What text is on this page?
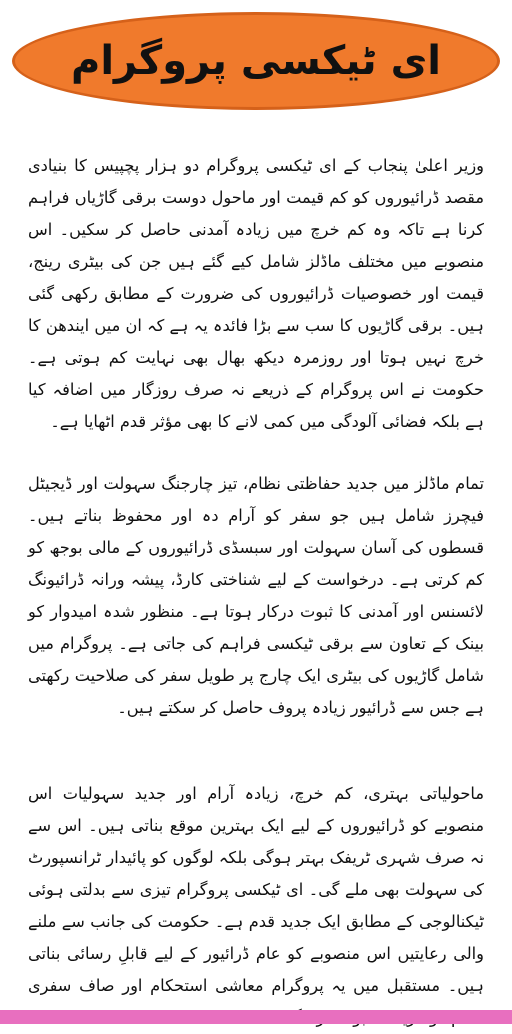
ای ٹیکسی پروگرام

وزیر اعلیٰ پنجاب کے ای ٹیکسی پروگرام دو ہزار پچپیس کا بنیادی مقصد ڈرائیوروں کو کم قیمت اور ماحول دوست برقی گاڑیاں فراہم کرنا ہے تاکہ وہ کم خرچ میں زیادہ آمدنی حاصل کر سکیں۔ اس منصوبے میں مختلف ماڈلز شامل کیے گئے ہیں جن کی بیٹری رینج، قیمت اور خصوصیات ڈرائیوروں کی ضرورت کے مطابق رکھی گئی ہیں۔ برقی گاڑیوں کا سب سے بڑا فائدہ یہ ہے کہ ان میں ایندھن کا خرچ نہیں ہوتا اور روزمرہ دیکھ بھال بھی نہایت کم ہوتی ہے۔ حکومت نے اس پروگرام کے ذریعے نہ صرف روزگار میں اضافہ کیا ہے بلکہ فضائی آلودگی میں کمی لانے کا بھی مؤثر قدم اٹھایا ہے۔

تمام ماڈلز میں جدید حفاظتی نظام، تیز چارجنگ سہولت اور ڈیجیٹل فیچرز شامل ہیں جو سفر کو آرام دہ اور محفوظ بناتے ہیں۔ قسطوں کی آسان سہولت اور سبسڈی ڈرائیوروں کے مالی بوجھ کو کم کرتی ہے۔ درخواست کے لیے شناختی کارڈ، پیشہ ورانہ ڈرائیونگ لائسنس اور آمدنی کا ثبوت درکار ہوتا ہے۔ منظور شدہ امیدوار کو بینک کے تعاون سے برقی ٹیکسی فراہم کی جاتی ہے۔ پروگرام میں شامل گاڑیوں کی بیٹری ایک چارج پر طویل سفر کی صلاحیت رکھتی ہے جس سے ڈرائیور زیادہ پروف حاصل کر سکتے ہیں۔

ماحولیاتی بہتری، کم خرچ، زیادہ آرام اور جدید سہولیات اس منصوبے کو ڈرائیوروں کے لیے ایک بہترین موقع بناتی ہیں۔ اس سے نہ صرف شہری ٹریفک بہتر ہوگی بلکہ لوگوں کو پائیدار ٹرانسپورٹ کی سہولت بھی ملے گی۔ ای ٹیکسی پروگرام تیزی سے بدلتی ہوئی ٹیکنالوجی کے مطابق ایک جدید قدم ہے۔ حکومت کی جانب سے ملنے والی رعایتیں اس منصوبے کو عام ڈرائیور کے لیے قابلِ رسائی بناتی ہیں۔ مستقبل میں یہ پروگرام معاشی استحکام اور صاف سفری
